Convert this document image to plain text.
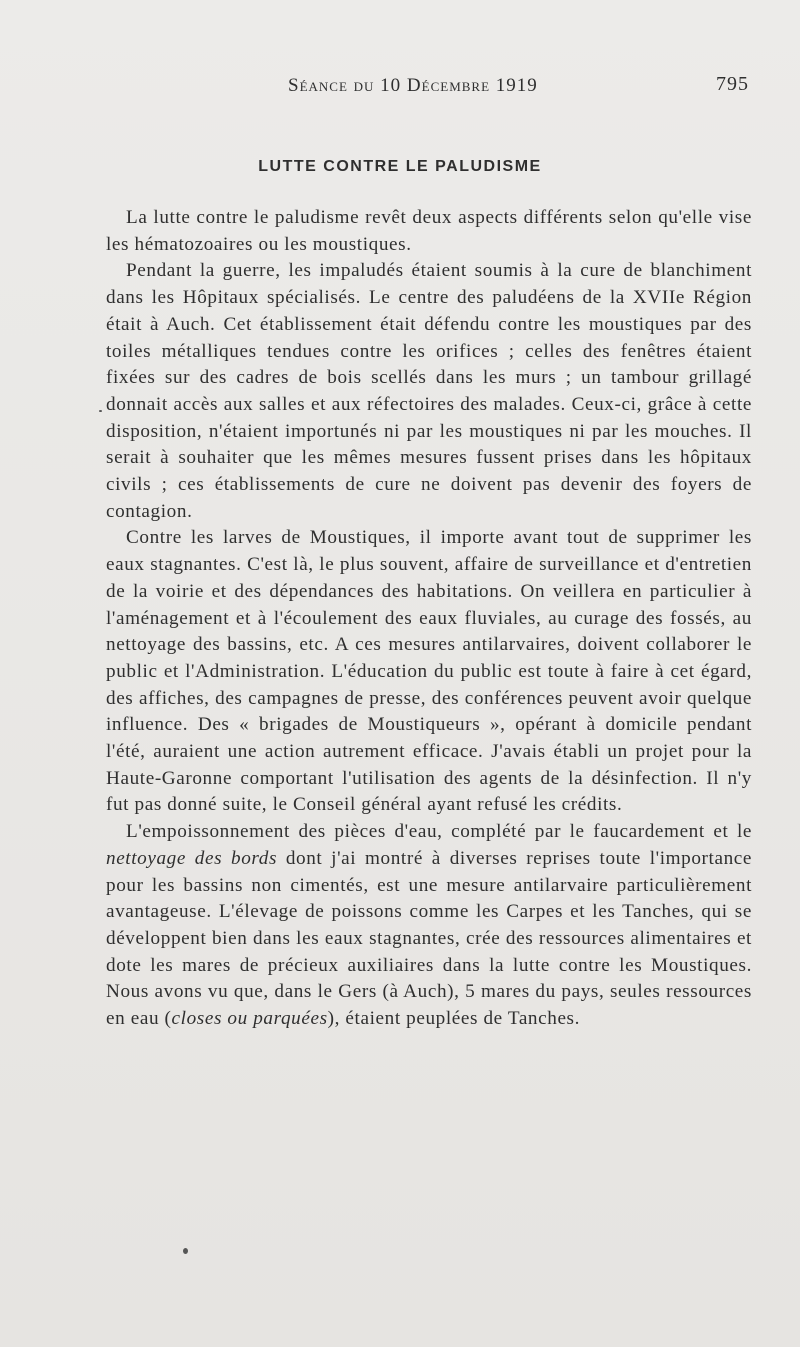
Séance du 10 Décembre 1919	795
LUTTE CONTRE LE PALUDISME

La lutte contre le paludisme revêt deux aspects différents selon qu'elle vise les hématozoaires ou les moustiques.

Pendant la guerre, les impaludés étaient soumis à la cure de blanchiment dans les Hôpitaux spécialisés. Le centre des paludéens de la XVIIe Région était à Auch. Cet établissement était défendu contre les moustiques par des toiles métalliques tendues contre les orifices ; celles des fenêtres étaient fixées sur des cadres de bois scellés dans les murs ; un tambour grillagé donnait accès aux salles et aux réfectoires des malades. Ceux-ci, grâce à cette disposition, n'étaient importunés ni par les moustiques ni par les mouches. Il serait à souhaiter que les mêmes mesures fussent prises dans les hôpitaux civils ; ces établissements de cure ne doivent pas devenir des foyers de contagion.

Contre les larves de Moustiques, il importe avant tout de supprimer les eaux stagnantes. C'est là, le plus souvent, affaire de surveillance et d'entretien de la voirie et des dépendances des habitations. On veillera en particulier à l'aménagement et à l'écoulement des eaux fluviales, au curage des fossés, au nettoyage des bassins, etc. A ces mesures antilarvaires, doivent collaborer le public et l'Administration. L'éducation du public est toute à faire à cet égard, des affiches, des campagnes de presse, des conférences peuvent avoir quelque influence. Des « brigades de Moustiqueurs », opérant à domicile pendant l'été, auraient une action autrement efficace. J'avais établi un projet pour la Haute-Garonne comportant l'utilisation des agents de la désinfection. Il n'y fut pas donné suite, le Conseil général ayant refusé les crédits.

L'empoissonnement des pièces d'eau, complété par le faucardement et le nettoyage des bords dont j'ai montré à diverses reprises toute l'importance pour les bassins non cimentés, est une mesure antilarvaire particulièrement avantageuse. L'élevage de poissons comme les Carpes et les Tanches, qui se développent bien dans les eaux stagnantes, crée des ressources alimentaires et dote les mares de précieux auxiliaires dans la lutte contre les Moustiques. Nous avons vu que, dans le Gers (à Auch), 5 mares du pays, seules ressources en eau (closes ou parquées), étaient peuplées de Tanches.
